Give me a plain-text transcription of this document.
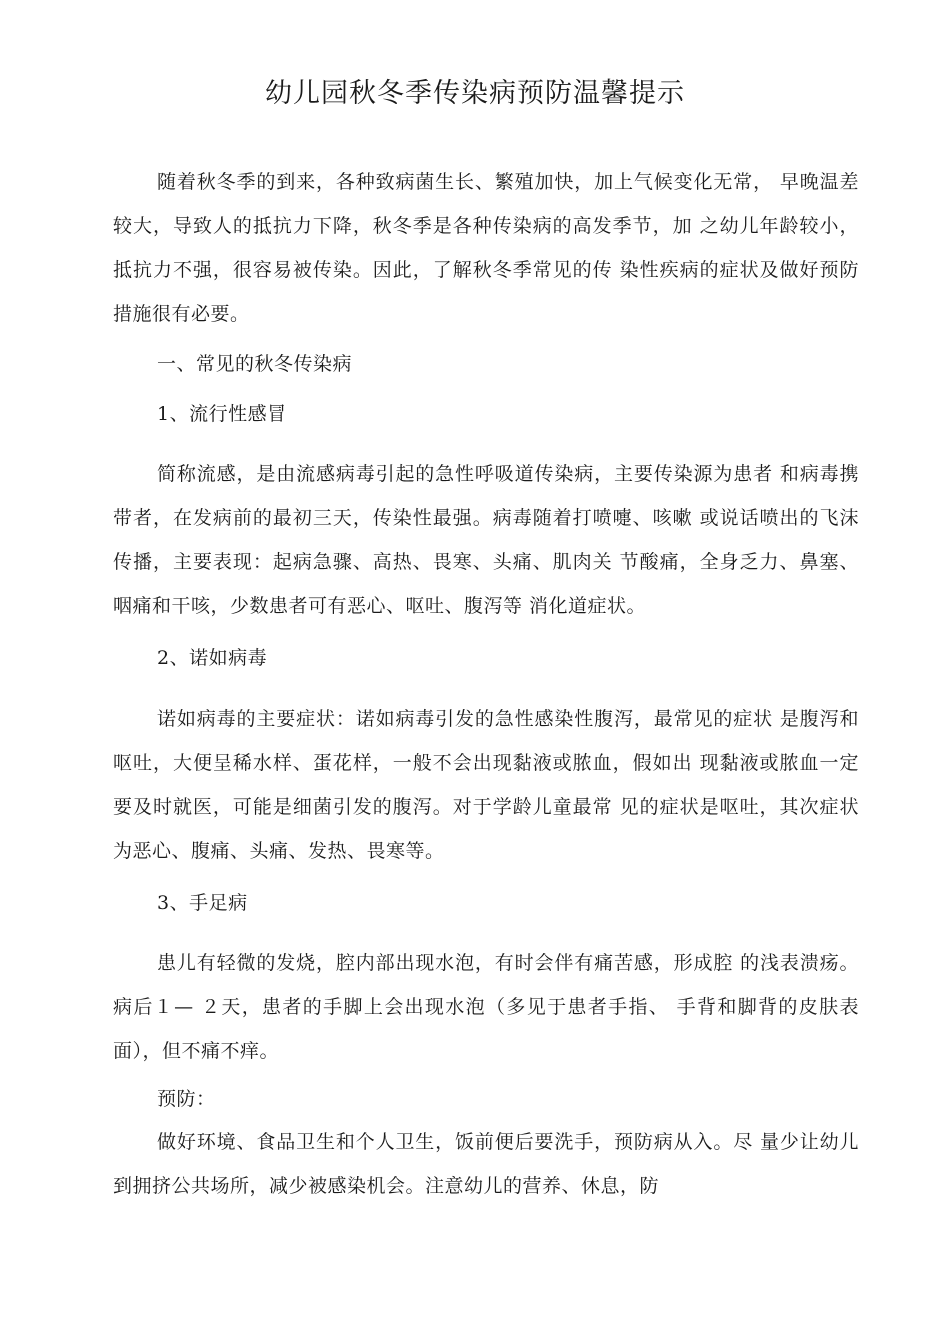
幼儿园秋冬季传染病预防温馨提示

随着秋冬季的到来，各种致病菌生长、繁殖加快，加上气候变化无常， 早晚温差较大，导致人的抵抗力下降，秋冬季是各种传染病的高发季节，加 之幼儿年龄较小，抵抗力不强，很容易被传染。因此，了解秋冬季常见的传 染性疾病的症状及做好预防措施很有必要。

一、常见的秋冬传染病
1、流行性感冒

简称流感，是由流感病毒引起的急性呼吸道传染病，主要传染源为患者 和病毒携带者，在发病前的最初三天，传染性最强。病毒随着打喷嚏、咳嗽 或说话喷出的飞沫传播，主要表现：起病急骤、高热、畏寒、头痛、肌肉关 节酸痛，全身乏力、鼻塞、咽痛和干咳，少数患者可有恶心、呕吐、腹泻等 消化道症状。

2、诺如病毒

诺如病毒的主要症状：诺如病毒引发的急性感染性腹泻，最常见的症状 是腹泻和呕吐，大便呈稀水样、蛋花样，一般不会出现黏液或脓血，假如出 现黏液或脓血一定要及时就医，可能是细菌引发的腹泻。对于学龄儿童最常 见的症状是呕吐，其次症状为恶心、腹痛、头痛、发热、畏寒等。

3、手足病

患儿有轻微的发烧，腔内部出现水泡，有时会伴有痛苦感，形成腔 的浅表溃疡。病后１— ２天，患者的手脚上会出现水泡（多见于患者手指、 手背和脚背的皮肤表面），但不痛不痒。

预防：

做好环境、食品卫生和个人卫生，饭前便后要洗手，预防病从入。尽 量少让幼儿到拥挤公共场所，减少被感染机会。注意幼儿的营养、休息，防
